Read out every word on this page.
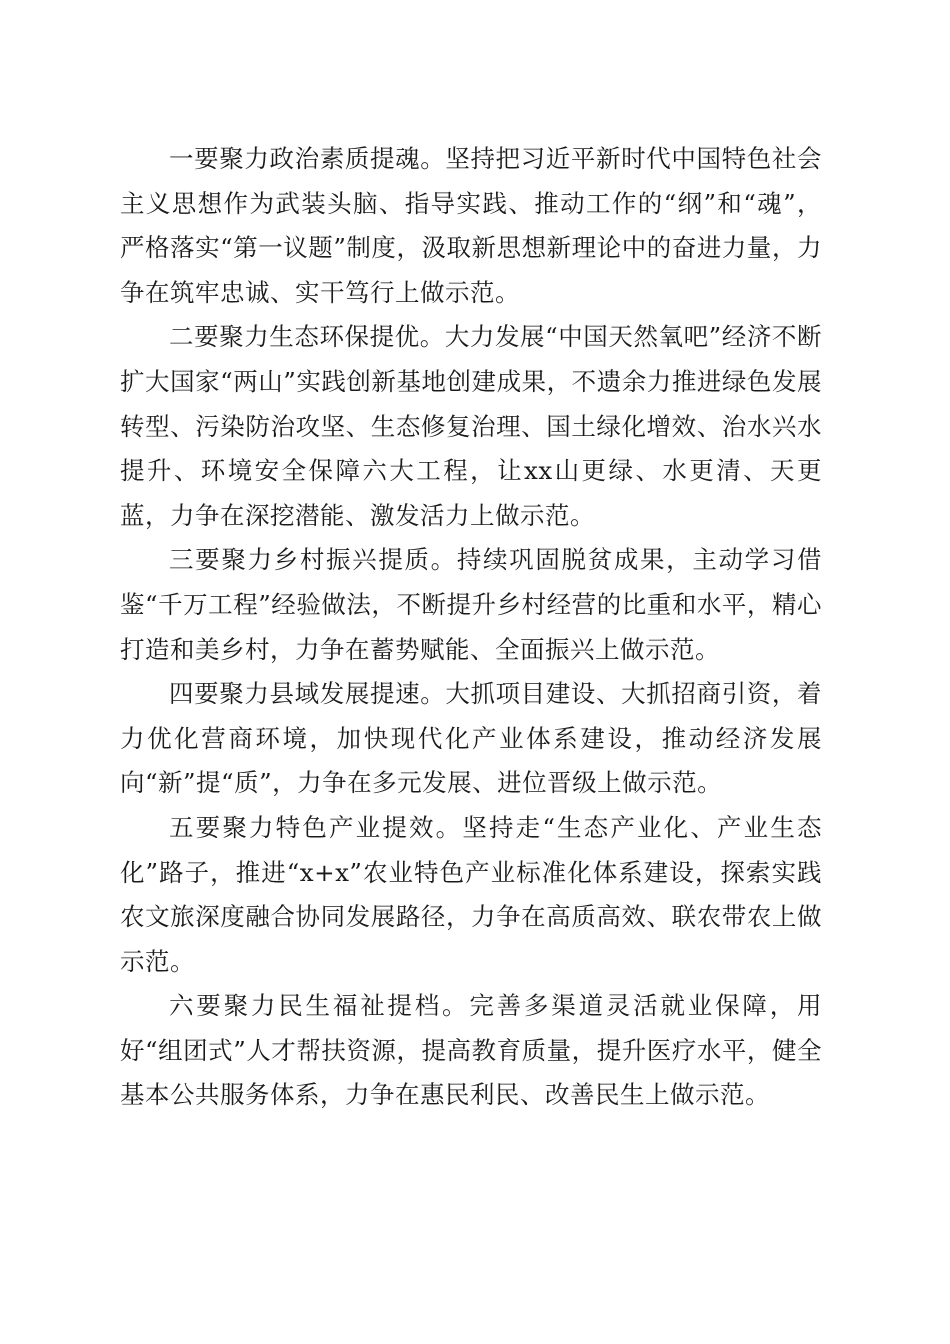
一要聚力政治素质提魂。坚持把习近平新时代中国特色社会主义思想作为武装头脑、指导实践、推动工作的“纲”和“魂”，严格落实“第一议题”制度，汲取新思想新理论中的奋进力量，力争在筑牢忠诚、实干笃行上做示范。

二要聚力生态环保提优。大力发展“中国天然氧吧”经济不断扩大国家“两山”实践创新基地创建成果，不遗余力推进绿色发展转型、污染防治攻坚、生态修复治理、国土绿化增效、治水兴水提升、环境安全保障六大工程，让xx山更绿、水更清、天更蓝，力争在深挖潜能、激发活力上做示范。

三要聚力乡村振兴提质。持续巩固脱贫成果，主动学习借鉴“千万工程”经验做法，不断提升乡村经营的比重和水平，精心打造和美乡村，力争在蓄势赋能、全面振兴上做示范。

四要聚力县域发展提速。大抓项目建设、大抓招商引资，着力优化营商环境，加快现代化产业体系建设，推动经济发展向“新”提“质”，力争在多元发展、进位晋级上做示范。

五要聚力特色产业提效。坚持走“生态产业化、产业生态化”路子，推进“x+x”农业特色产业标准化体系建设，探索实践农文旅深度融合协同发展路径，力争在高质高效、联农带农上做示范。

六要聚力民生福祉提档。完善多渠道灵活就业保障，用好“组团式”人才帮扶资源，提高教育质量，提升医疗水平，健全基本公共服务体系，力争在惠民利民、改善民生上做示范。
